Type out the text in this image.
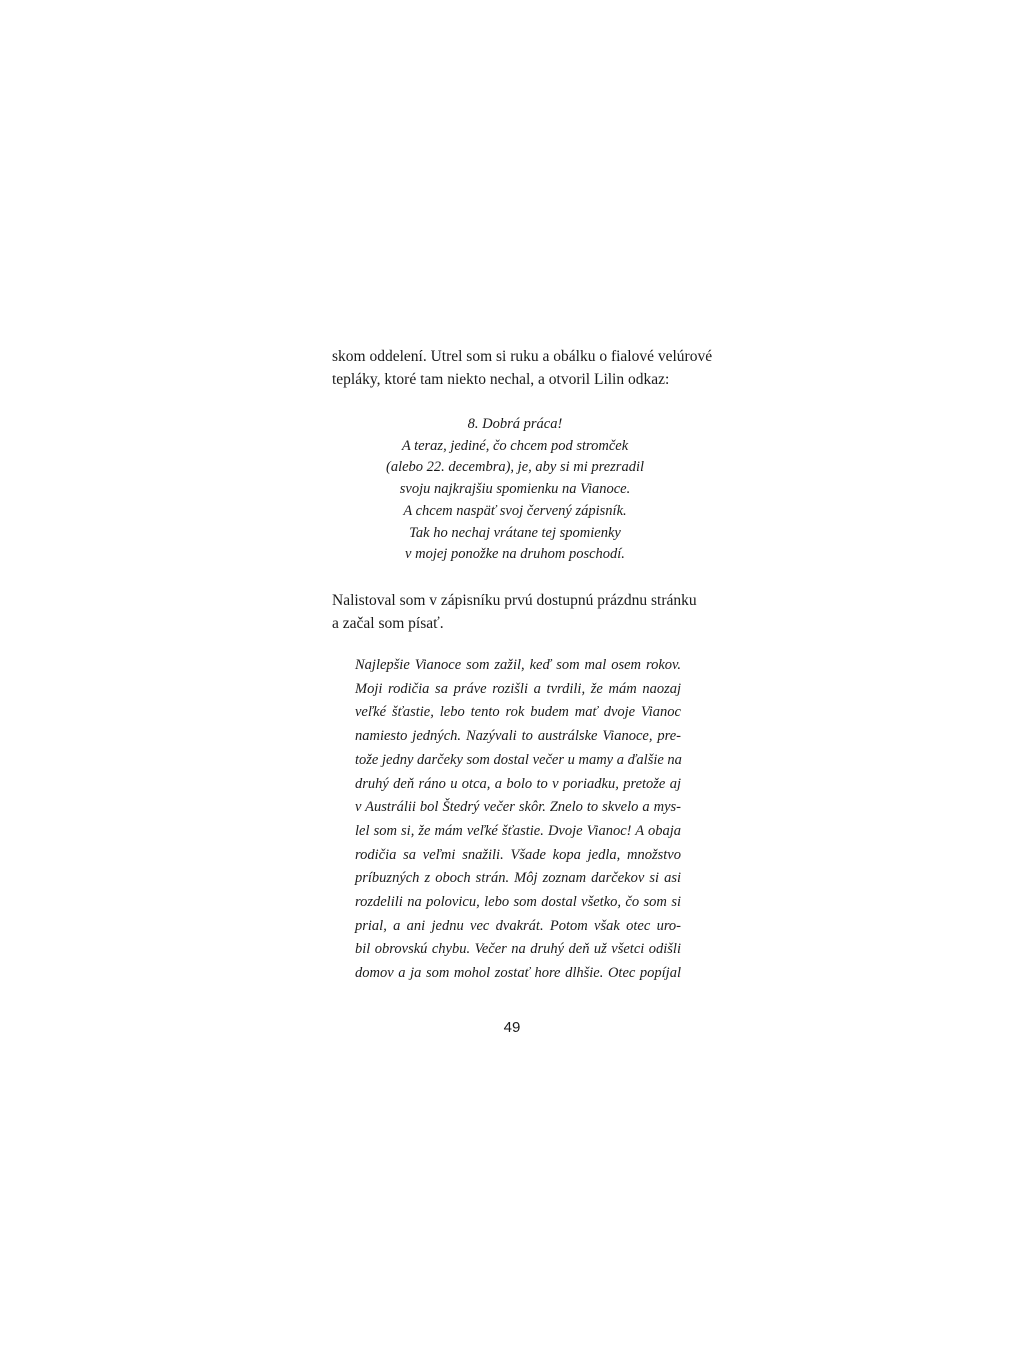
skom oddelení. Utrel som si ruku a obálku o fialové velúrové
tepláky, ktoré tam niekto nechal, a otvoril Lilin odkaz:
8. Dobrá práca!
A teraz, jediné, čo chcem pod stromček
(alebo 22. decembra), je, aby si mi prezradil
svoju najkrajšiu spomienku na Vianoce.
A chcem naspäť svoj červený zápisník.
Tak ho nechaj vrátane tej spomienky
v mojej ponožke na druhom poschodí.
Nalistoval som v zápisníku prvú dostupnú prázdnu stránku
a začal som písať.
Najlepšie Vianoce som zažil, keď som mal osem rokov.
Moji rodičia sa práve rozišli a tvrdili, že mám naozaj
veľké šťastie, lebo tento rok budem mať dvoje Vianoc
namiesto jedných. Nazývali to austrálske Vianoce, pre-
tože jedny darčeky som dostal večer u mamy a ďalšie na
druhý deň ráno u otca, a bolo to v poriadku, pretože aj
v Austrálii bol Štedrý večer skôr. Znelo to skvelo a mys-
lel som si, že mám veľké šťastie. Dvoje Vianoc! A obaja
rodičia sa veľmi snažili. Všade kopa jedla, množstvo
príbuzných z oboch strán. Môj zoznam darčekov si asi
rozdelili na polovicu, lebo som dostal všetko, čo som si
prial, a ani jednu vec dvakrát. Potom však otec uro-
bil obrovskú chybu. Večer na druhý deň už všetci odišli
domov a ja som mohol zostať hore dlhšie. Otec popíjal
49
